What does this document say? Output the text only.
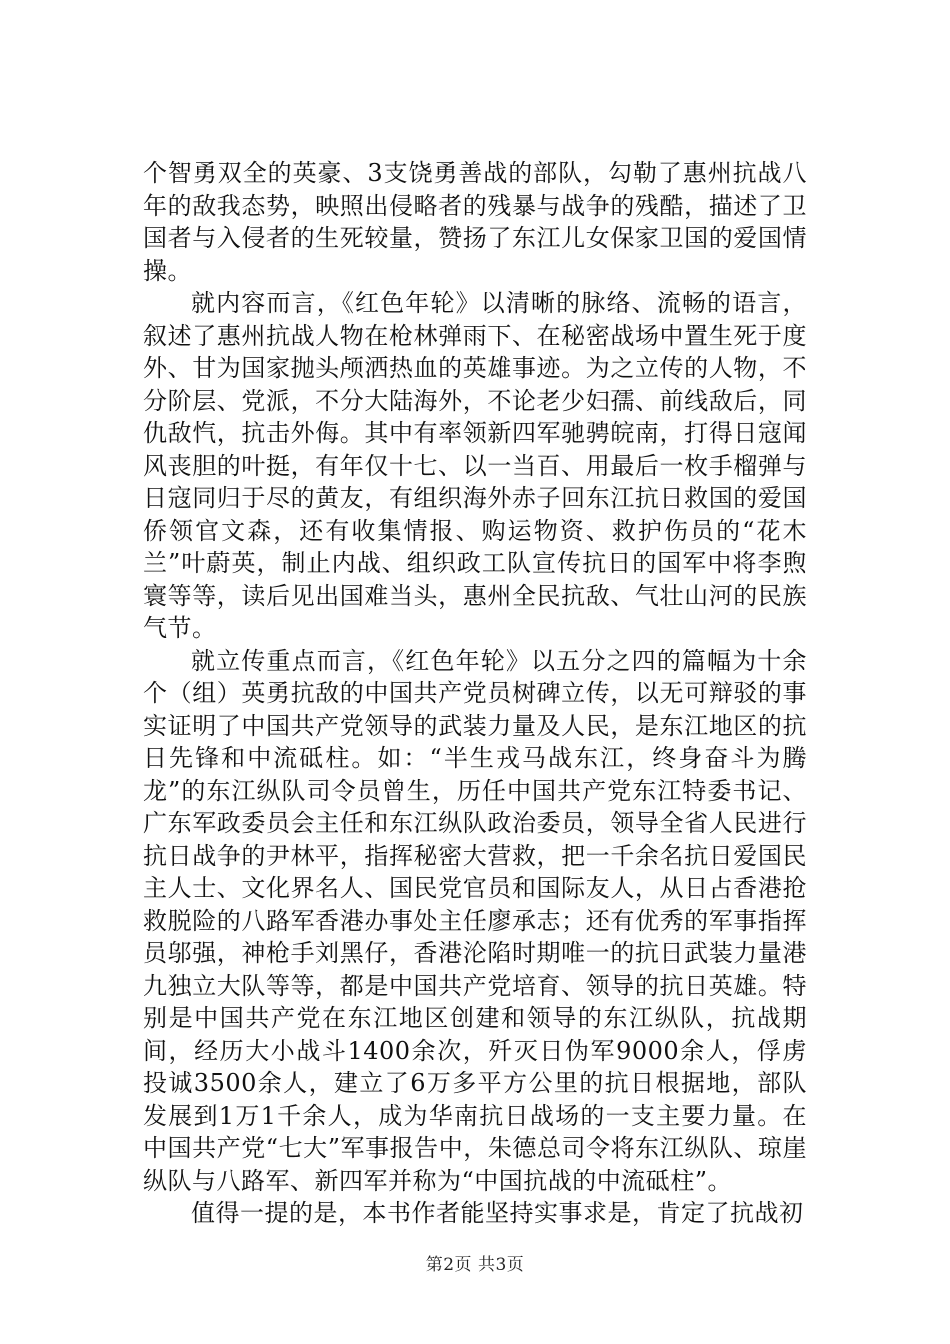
个智勇双全的英豪、3支饶勇善战的部队，勾勒了惠州抗战八年的敌我态势，映照出侵略者的残暴与战争的残酷，描述了卫国者与入侵者的生死较量，赞扬了东江儿女保家卫国的爱国情操。

就内容而言，《红色年轮》以清晰的脉络、流畅的语言，叙述了惠州抗战人物在枪林弹雨下、在秘密战场中置生死于度外、甘为国家抛头颅洒热血的英雄事迹。为之立传的人物，不分阶层、党派，不分大陆海外，不论老少妇孺、前线敌后，同仇敌忾，抗击外侮。其中有率领新四军驰骋皖南，打得日寇闻风丧胆的叶挺，有年仅十七、以一当百、用最后一枚手榴弹与日寇同归于尽的黄友，有组织海外赤子回东江抗日救国的爱国侨领官文森，还有收集情报、购运物资、救护伤员的“花木兰”叶蔚英，制止内战、组织政工队宣传抗日的国军中将李煦寰等等，读后见出国难当头，惠州全民抗敌、气壮山河的民族气节。

就立传重点而言，《红色年轮》以五分之四的篇幅为十余个（组）英勇抗敌的中国共产党员树碑立传，以无可辩驳的事实证明了中国共产党领导的武装力量及人民，是东江地区的抗日先锋和中流砥柱。如：“半生戎马战东江，终身奋斗为腾龙”的东江纵队司令员曾生，历任中国共产党东江特委书记、广东军政委员会主任和东江纵队政治委员，领导全省人民进行抗日战争的尹林平，指挥秘密大营救，把一千余名抗日爱国民主人士、文化界名人、国民党官员和国际友人，从日占香港抢救脱险的八路军香港办事处主任廖承志；还有优秀的军事指挥员邬强，神枪手刘黑仔，香港沦陷时期唯一的抗日武装力量港九独立大队等等，都是中国共产党培育、领导的抗日英雄。特别是中国共产党在东江地区创建和领导的东江纵队，抗战期间，经历大小战斗1400余次，歼灭日伪军9000余人，俘虏投诚3500余人，建立了6万多平方公里的抗日根据地，部队发展到1万1千余人，成为华南抗日战场的一支主要力量。在中国共产党“七大”军事报告中，朱德总司令将东江纵队、琼崖纵队与八路军、新四军并称为“中国抗战的中流砥柱”。

值得一提的是，本书作者能坚持实事求是，肯定了抗战初

第2页 共3页
